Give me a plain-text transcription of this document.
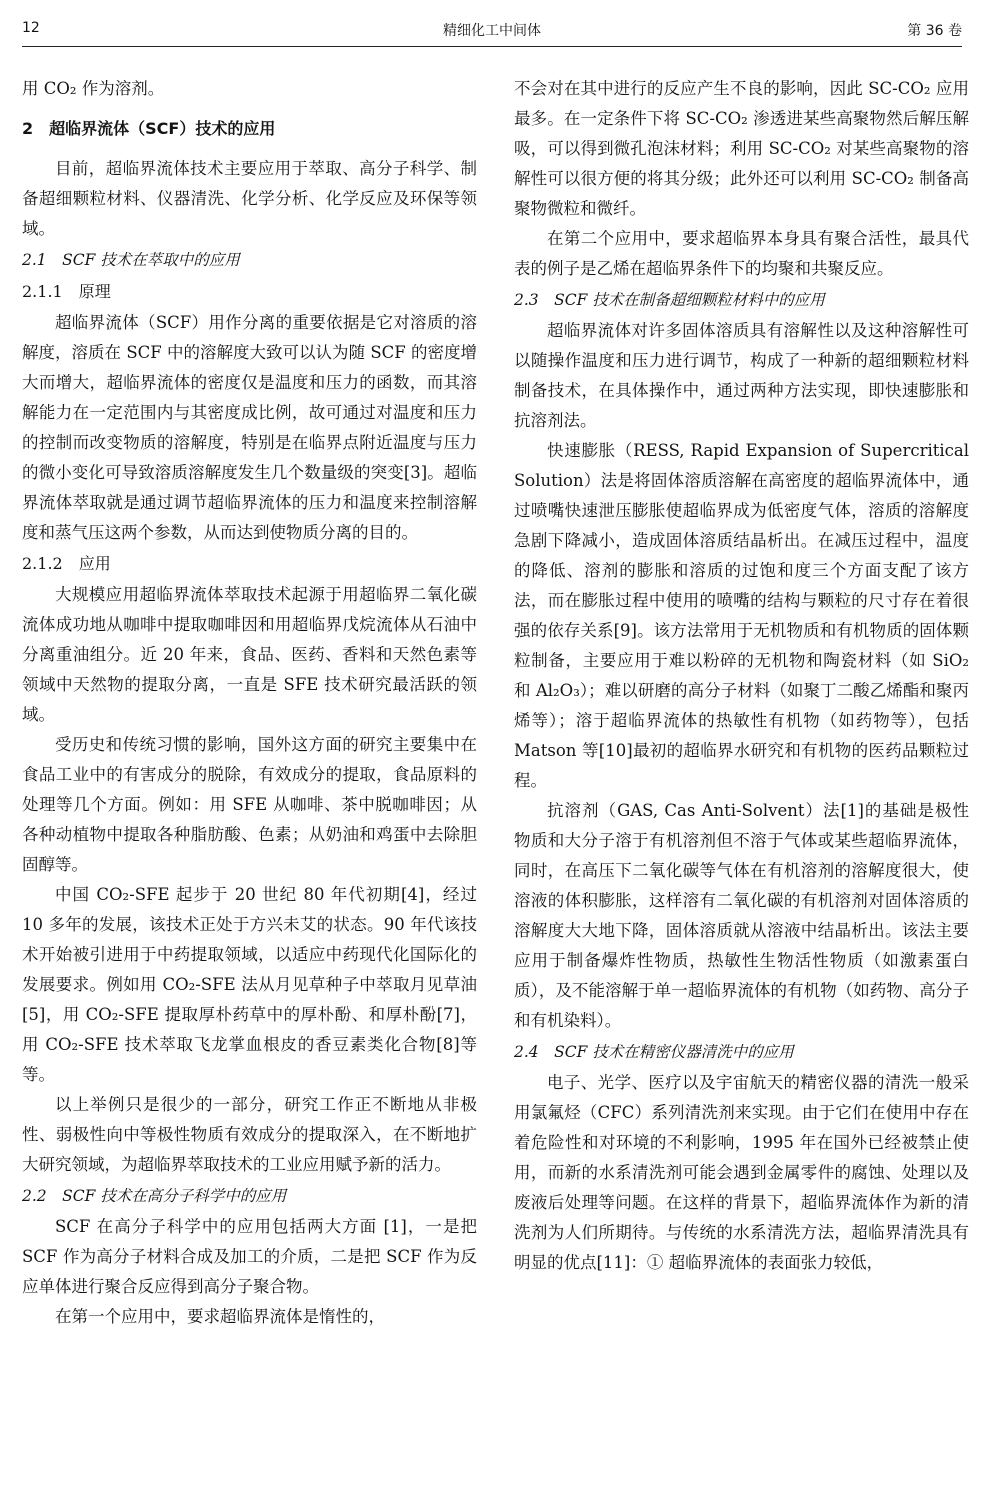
12	精细化工中间体	第 36 卷

用 CO₂ 作为溶剂。

2　超临界流体（SCF）技术的应用

目前，超临界流体技术主要应用于萃取、高分子科学、制备超细颗粒材料、仪器清洗、化学分析、化学反应及环保等领域。

2.1　SCF 技术在萃取中的应用
2.1.1　原理

超临界流体（SCF）用作分离的重要依据是它对溶质的溶解度，溶质在 SCF 中的溶解度大致可以认为随 SCF 的密度增大而增大，超临界流体的密度仅是温度和压力的函数，而其溶解能力在一定范围内与其密度成比例，故可通过对温度和压力的控制而改变物质的溶解度，特别是在临界点附近温度与压力的微小变化可导致溶质溶解度发生几个数量级的突变[3]。超临界流体萃取就是通过调节超临界流体的压力和温度来控制溶解度和蒸气压这两个参数，从而达到使物质分离的目的。

2.1.2　应用

大规模应用超临界流体萃取技术起源于用超临界二氧化碳流体成功地从咖啡中提取咖啡因和用超临界戊烷流体从石油中分离重油组分。近 20 年来，食品、医药、香料和天然色素等领域中天然物的提取分离，一直是 SFE 技术研究最活跃的领域。

受历史和传统习惯的影响，国外这方面的研究主要集中在食品工业中的有害成分的脱除，有效成分的提取，食品原料的处理等几个方面。例如：用 SFE 从咖啡、茶中脱咖啡因；从各种动植物中提取各种脂肪酸、色素；从奶油和鸡蛋中去除胆固醇等。

中国 CO₂-SFE 起步于 20 世纪 80 年代初期[4]，经过 10 多年的发展，该技术正处于方兴未艾的状态。90 年代该技术开始被引进用于中药提取领域，以适应中药现代化国际化的发展要求。例如用 CO₂-SFE 法从月见草种子中萃取月见草油[5]，用 CO₂-SFE 提取厚朴药草中的厚朴酚、和厚朴酚[7]，用 CO₂-SFE 技术萃取飞龙掌血根皮的香豆素类化合物[8]等等。

以上举例只是很少的一部分，研究工作正不断地从非极性、弱极性向中等极性物质有效成分的提取深入，在不断地扩大研究领域，为超临界萃取技术的工业应用赋予新的活力。

2.2　SCF 技术在高分子科学中的应用

SCF 在高分子科学中的应用包括两大方面 [1]，一是把 SCF 作为高分子材料合成及加工的介质，二是把 SCF 作为反应单体进行聚合反应得到高分子聚合物。

在第一个应用中，要求超临界流体是惰性的，

不会对在其中进行的反应产生不良的影响，因此 SC-CO₂ 应用最多。在一定条件下将 SC-CO₂ 渗透进某些高聚物然后解压解吸，可以得到微孔泡沫材料；利用 SC-CO₂ 对某些高聚物的溶解性可以很方便的将其分级；此外还可以利用 SC-CO₂ 制备高聚物微粒和微纤。

在第二个应用中，要求超临界本身具有聚合活性，最具代表的例子是乙烯在超临界条件下的均聚和共聚反应。

2.3　SCF 技术在制备超细颗粒材料中的应用

超临界流体对许多固体溶质具有溶解性以及这种溶解性可以随操作温度和压力进行调节，构成了一种新的超细颗粒材料制备技术，在具体操作中，通过两种方法实现，即快速膨胀和抗溶剂法。

快速膨胀（RESS, Rapid Expansion of Supercritical Solution）法是将固体溶质溶解在高密度的超临界流体中，通过喷嘴快速泄压膨胀使超临界成为低密度气体，溶质的溶解度急剧下降减小，造成固体溶质结晶析出。在减压过程中，温度的降低、溶剂的膨胀和溶质的过饱和度三个方面支配了该方法，而在膨胀过程中使用的喷嘴的结构与颗粒的尺寸存在着很强的依存关系[9]。该方法常用于无机物质和有机物质的固体颗粒制备，主要应用于难以粉碎的无机物和陶瓷材料（如 SiO₂ 和 Al₂O₃）；难以研磨的高分子材料（如聚丁二酸乙烯酯和聚丙烯等）；溶于超临界流体的热敏性有机物（如药物等），包括 Matson 等[10]最初的超临界水研究和有机物的医药品颗粒过程。

抗溶剂（GAS, Cas Anti-Solvent）法[1]的基础是极性物质和大分子溶于有机溶剂但不溶于气体或某些超临界流体，同时，在高压下二氧化碳等气体在有机溶剂的溶解度很大，使溶液的体积膨胀，这样溶有二氧化碳的有机溶剂对固体溶质的溶解度大大地下降，固体溶质就从溶液中结晶析出。该法主要应用于制备爆炸性物质，热敏性生物活性物质（如激素蛋白质），及不能溶解于单一超临界流体的有机物（如药物、高分子和有机染料）。

2.4　SCF 技术在精密仪器清洗中的应用

电子、光学、医疗以及宇宙航天的精密仪器的清洗一般采用氯氟烃（CFC）系列清洗剂来实现。由于它们在使用中存在着危险性和对环境的不利影响，1995 年在国外已经被禁止使用，而新的水系清洗剂可能会遇到金属零件的腐蚀、处理以及废液后处理等问题。在这样的背景下，超临界流体作为新的清洗剂为人们所期待。与传统的水系清洗方法，超临界清洗具有明显的优点[11]：① 超临界流体的表面张力较低，
